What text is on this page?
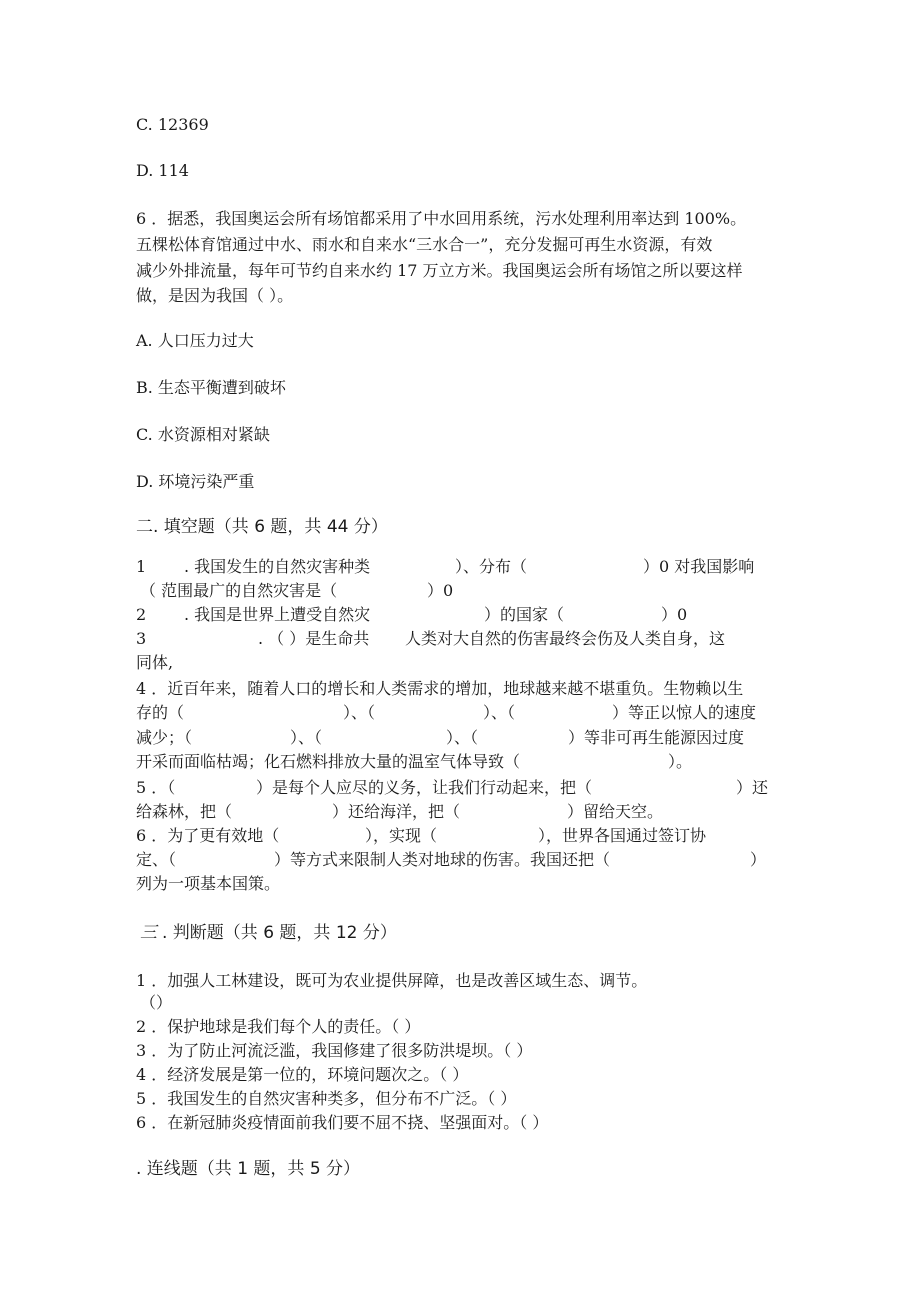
C. 12369
D. 114
6 ．据悉，我国奥运会所有场馆都采用了中水回用系统，污水处理利用率达到 100%。
五棵松体育馆通过中水、雨水和自来水“三水合一”，充分发掘可再生水资源，有效
减少外排流量，每年可节约自来水约 17 万立方米。我国奥运会所有场馆之所以要这样
做，是因为我国（ ）。
A. 人口压力过大
B. 生态平衡遭到破坏
C. 水资源相对紧缺
D. 环境污染严重
二. 填空题（共 6 题，共 44 分）
1 . 我国发生的自然灾害种类	）、分布（	）0 对我国影响
（ 范围最广的自然灾害是（	）0
2 . 我国是世界上遭受自然灾	）的国家（	）0
3	. （ ）是生命共 人类对大自然的伤害最终会伤及人类自身，这
同体,
4 ．近百年来，随着人口的增长和人类需求的增加，地球越来越不堪重负。生物赖以生
存的（	）、（	）、（	）等正以惊人的速度
减少；（	）、（	）、（	）等非可再生能源因过度
开采而面临枯竭；化石燃料排放大量的温室气体导致（	）。
5 ．（	）是每个人应尽的义务，让我们行动起来，把（	）还
给森林，把（	）还给海洋，把（	）留给天空。
6 ．为了更有效地（	），实现（	），世界各国通过签订协
定、（	）等方式来限制人类对地球的伤害。我国还把（	）
列为一项基本国策。
三 . 判断题（共 6 题，共 12 分）
1 ．加强人工林建设，既可为农业提供屏障，也是改善区域生态、调节。
（）
2 ．保护地球是我们每个人的责任。（ ）
3 ．为了防止河流泛滥，我国修建了很多防洪堤坝。（ ）
4 ．经济发展是第一位的，环境问题次之。（ ）
5 ．我国发生的自然灾害种类多，但分布不广泛。（ ）
6 ．在新冠肺炎疫情面前我们要不屈不挠、坚强面对。（ ）
. 连线题（共 1 题，共 5 分）
